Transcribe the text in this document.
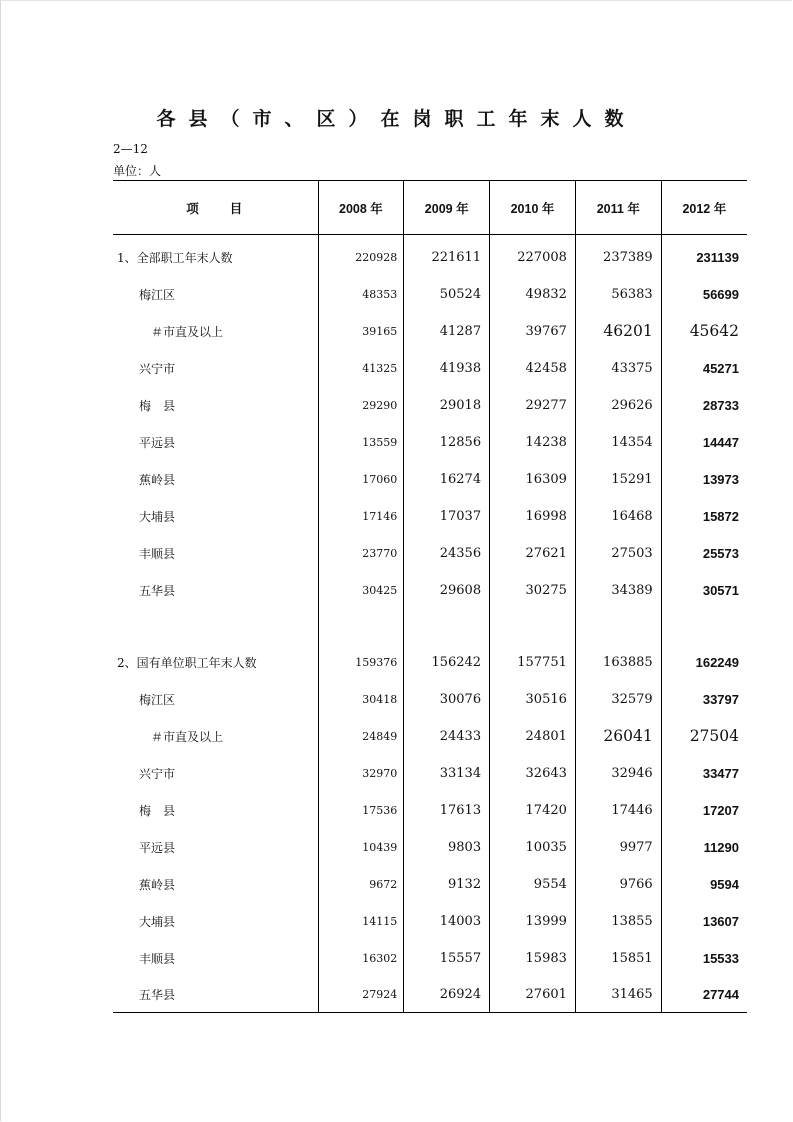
各县（市、区）在岗职工年末人数
2—12
单位：人
项　　目	2008 年	2009 年	2010 年	2011 年	2012 年

1、全部职工年末人数	220928	221611	227008	237389	231139
梅江区	48353	50524	49832	56383	56699
＃市直及以上	39165	41287	39767	46201	45642
兴宁市	41325	41938	42458	43375	45271
梅县	29290	29018	29277	29626	28733
平远县	13559	12856	14238	14354	14447
蕉岭县	17060	16274	16309	15291	13973
大埔县	17146	17037	16998	16468	15872
丰顺县	23770	24356	27621	27503	25573
五华县	30425	29608	30275	34389	30571

2、国有单位职工年末人数	159376	156242	157751	163885	162249
梅江区	30418	30076	30516	32579	33797
＃市直及以上	24849	24433	24801	26041	27504
兴宁市	32970	33134	32643	32946	33477
梅县	17536	17613	17420	17446	17207
平远县	10439	9803	10035	9977	11290
蕉岭县	9672	9132	9554	9766	9594
大埔县	14115	14003	13999	13855	13607
丰顺县	16302	15557	15983	15851	15533
五华县	27924	26924	27601	31465	27744
